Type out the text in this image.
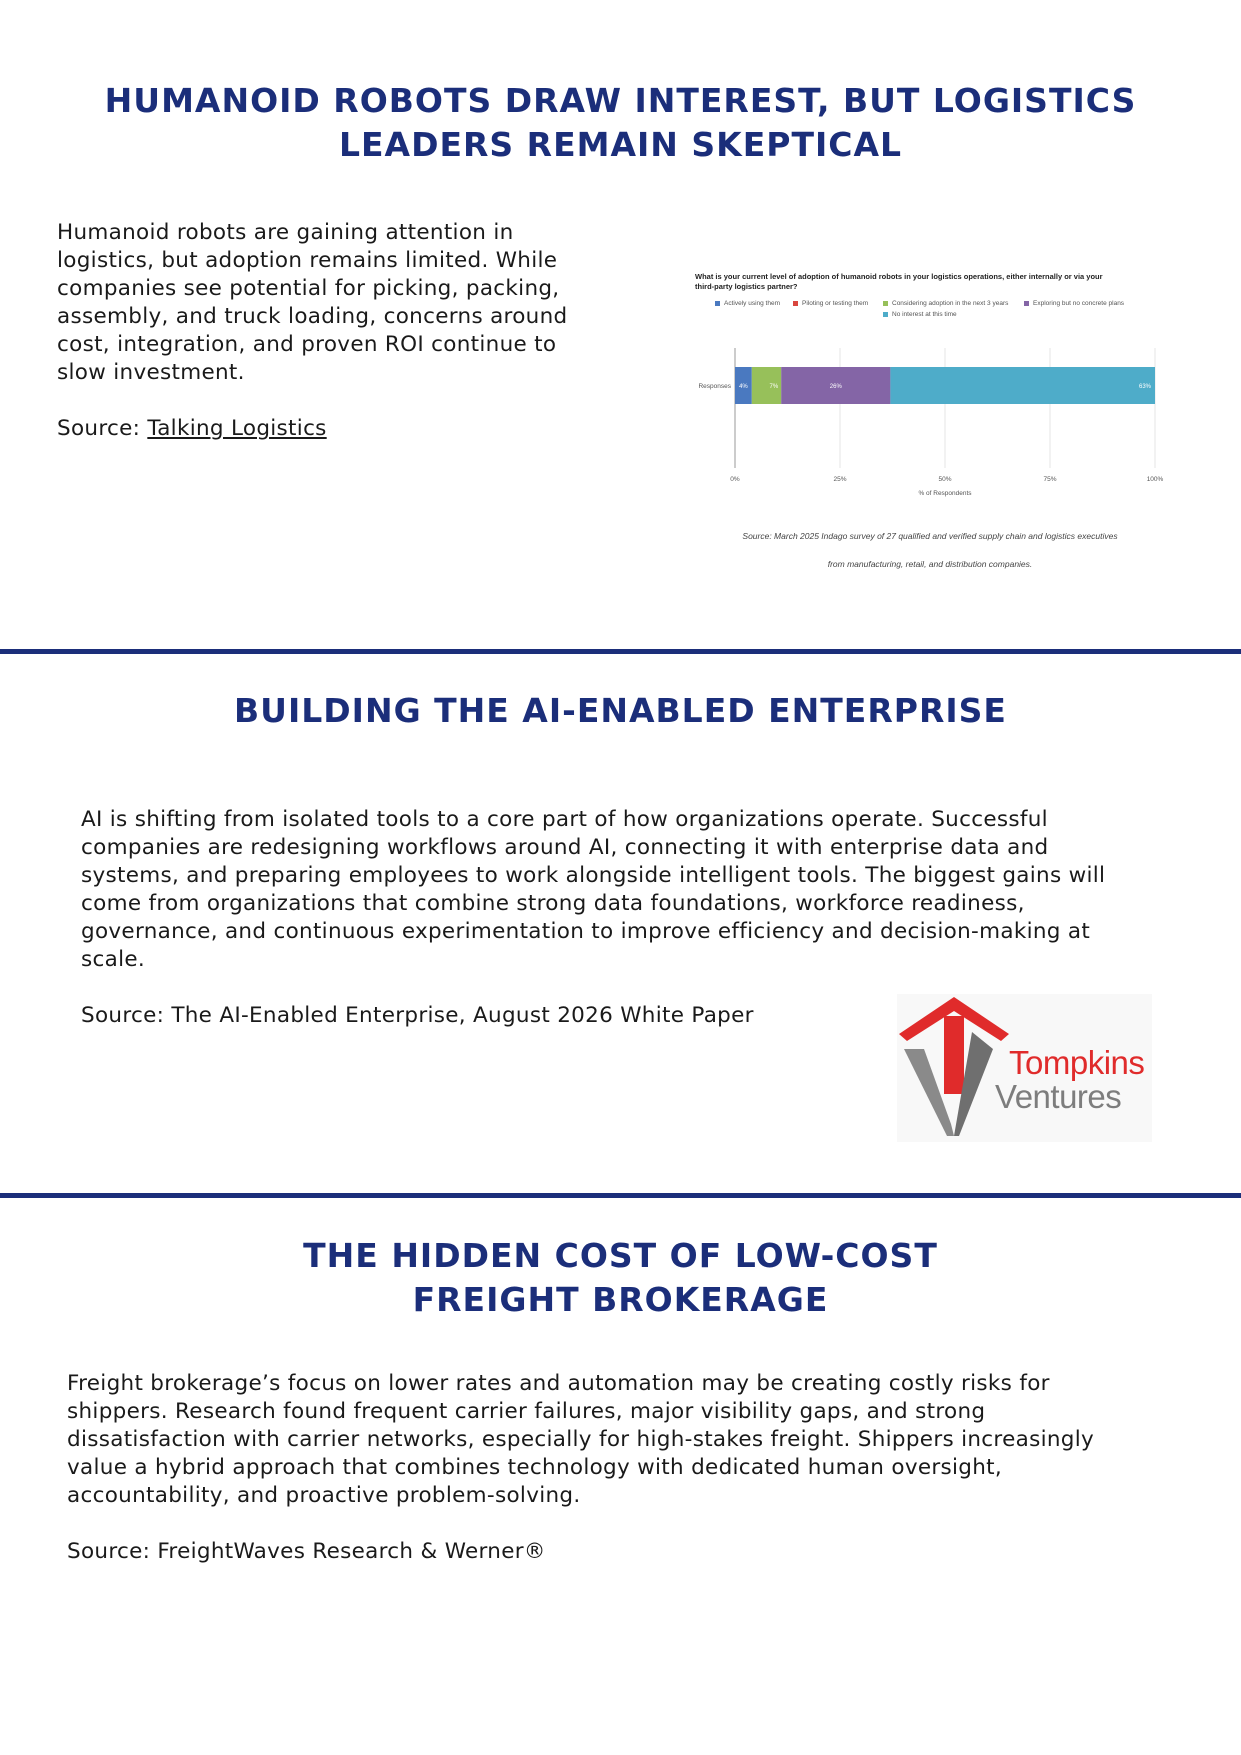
HUMANOID ROBOTS DRAW INTEREST, BUT LOGISTICS
LEADERS REMAIN SKEPTICAL
Humanoid robots are gaining attention in
logistics, but adoption remains limited. While
companies see potential for picking, packing,
assembly, and truck loading, concerns around
cost, integration, and proven ROI continue to
slow investment.
Source: Talking Logistics
What is your current level of adoption of humanoid robots in your logistics operations, either internally or via your
third-party logistics partner?
Actively using them	Piloting or testing them	Considering adoption in the next 3 years	Exploring but no concrete plans
No interest at this time
0%	25%	50%	75%	100%
Responses 4%	7%	26%	63%
% of Respondents
Source: March 2025 Indago survey of 27 qualified and verified supply chain and logistics executives
from manufacturing, retail, and distribution companies.
BUILDING THE AI-ENABLED ENTERPRISE
AI is shifting from isolated tools to a core part of how organizations operate. Successful
companies are redesigning workflows around AI, connecting it with enterprise data and
systems, and preparing employees to work alongside intelligent tools. The biggest gains will
come from organizations that combine strong data foundations, workforce readiness,
governance, and continuous experimentation to improve efficiency and decision-making at
scale.
Source: The AI-Enabled Enterprise, August 2026 White Paper
Tompkins
Ventures
THE HIDDEN COST OF LOW-COST
FREIGHT BROKERAGE
Freight brokerage’s focus on lower rates and automation may be creating costly risks for
shippers. Research found frequent carrier failures, major visibility gaps, and strong
dissatisfaction with carrier networks, especially for high-stakes freight. Shippers increasingly
value a hybrid approach that combines technology with dedicated human oversight,
accountability, and proactive problem-solving.
Source: FreightWaves Research & Werner®
